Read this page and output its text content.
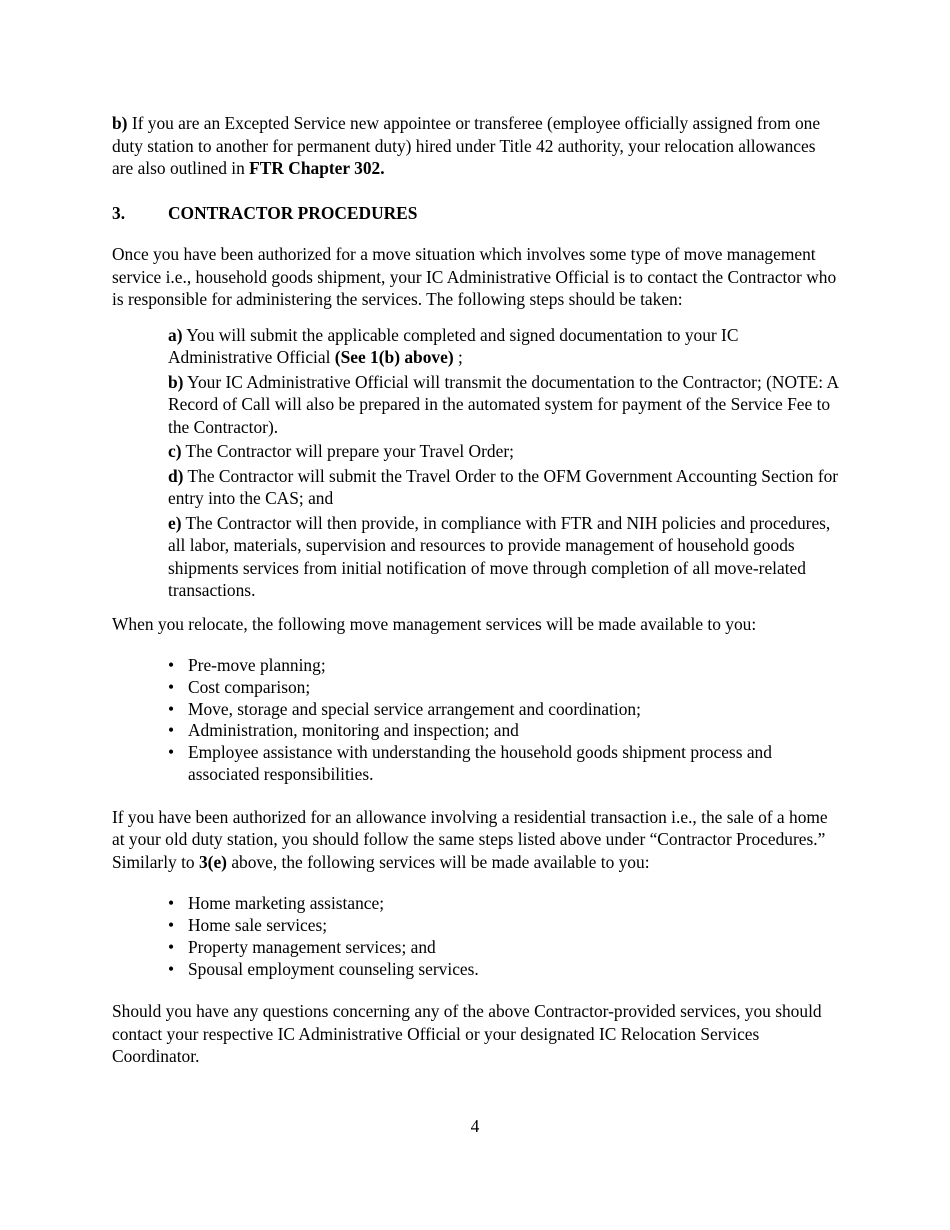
b) If you are an Excepted Service new appointee or transferee (employee officially assigned from one duty station to another for permanent duty) hired under Title 42 authority, your relocation allowances are also outlined in FTR Chapter 302.

3.	CONTRACTOR PROCEDURES

Once you have been authorized for a move situation which involves some type of move management service i.e., household goods shipment, your IC Administrative Official is to contact the Contractor who is responsible for administering the services. The following steps should be taken:

a) You will submit the applicable completed and signed documentation to your IC Administrative Official (See 1(b) above) ;

b) Your IC Administrative Official will transmit the documentation to the Contractor; (NOTE: A Record of Call will also be prepared in the automated system for payment of the Service Fee to the Contractor).

c) The Contractor will prepare your Travel Order;

d) The Contractor will submit the Travel Order to the OFM Government Accounting Section for entry into the CAS; and

e) The Contractor will then provide, in compliance with FTR and NIH policies and procedures, all labor, materials, supervision and resources to provide management of household goods shipments services from initial notification of move through completion of all move-related transactions.

When you relocate, the following move management services will be made available to you:

• Pre-move planning;
• Cost comparison;
• Move, storage and special service arrangement and coordination;
• Administration, monitoring and inspection; and
• Employee assistance with understanding the household goods shipment process and associated responsibilities.

If you have been authorized for an allowance involving a residential transaction i.e., the sale of a home at your old duty station, you should follow the same steps listed above under “Contractor Procedures.” Similarly to 3(e) above, the following services will be made available to you:

• Home marketing assistance;
• Home sale services;
• Property management services; and
• Spousal employment counseling services.

Should you have any questions concerning any of the above Contractor-provided services, you should contact your respective IC Administrative Official or your designated IC Relocation Services Coordinator.

4
